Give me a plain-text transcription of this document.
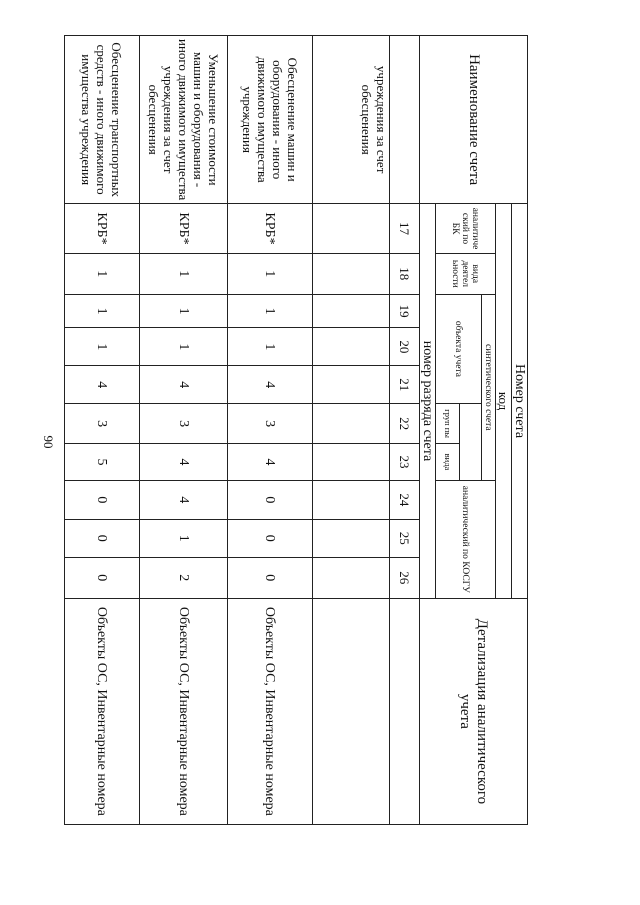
90
Наименование счета	Номер счета										Детализация аналитического учета
	код										
	аналитиче ский по БК	вида деятел ьности	синтетического счета					аналитический по КОСГУ			
			объекта учета								
						груп пы	вида				
	номер разряда счета										
	17	18	19	20	21	22	23	24	25	26	
учреждения за счет обесценения											
Обесценение машин и оборудования - иного движимого имущества учреждения	КРБ*	1	1	1	4	3	4	0	0	0	Объекты ОС, Инвентарные номера
Уменьшение стоимости машин и оборудования - иного движимого имущества учреждения за счет обесценения	КРБ*	1	1	1	4	3	4	4	1	2	Объекты ОС, Инвентарные номера
Обесценение транспортных средств - иного движимого имущества учреждения	КРБ*	1	1	1	4	3	5	0	0	0	Объекты ОС, Инвентарные номера
